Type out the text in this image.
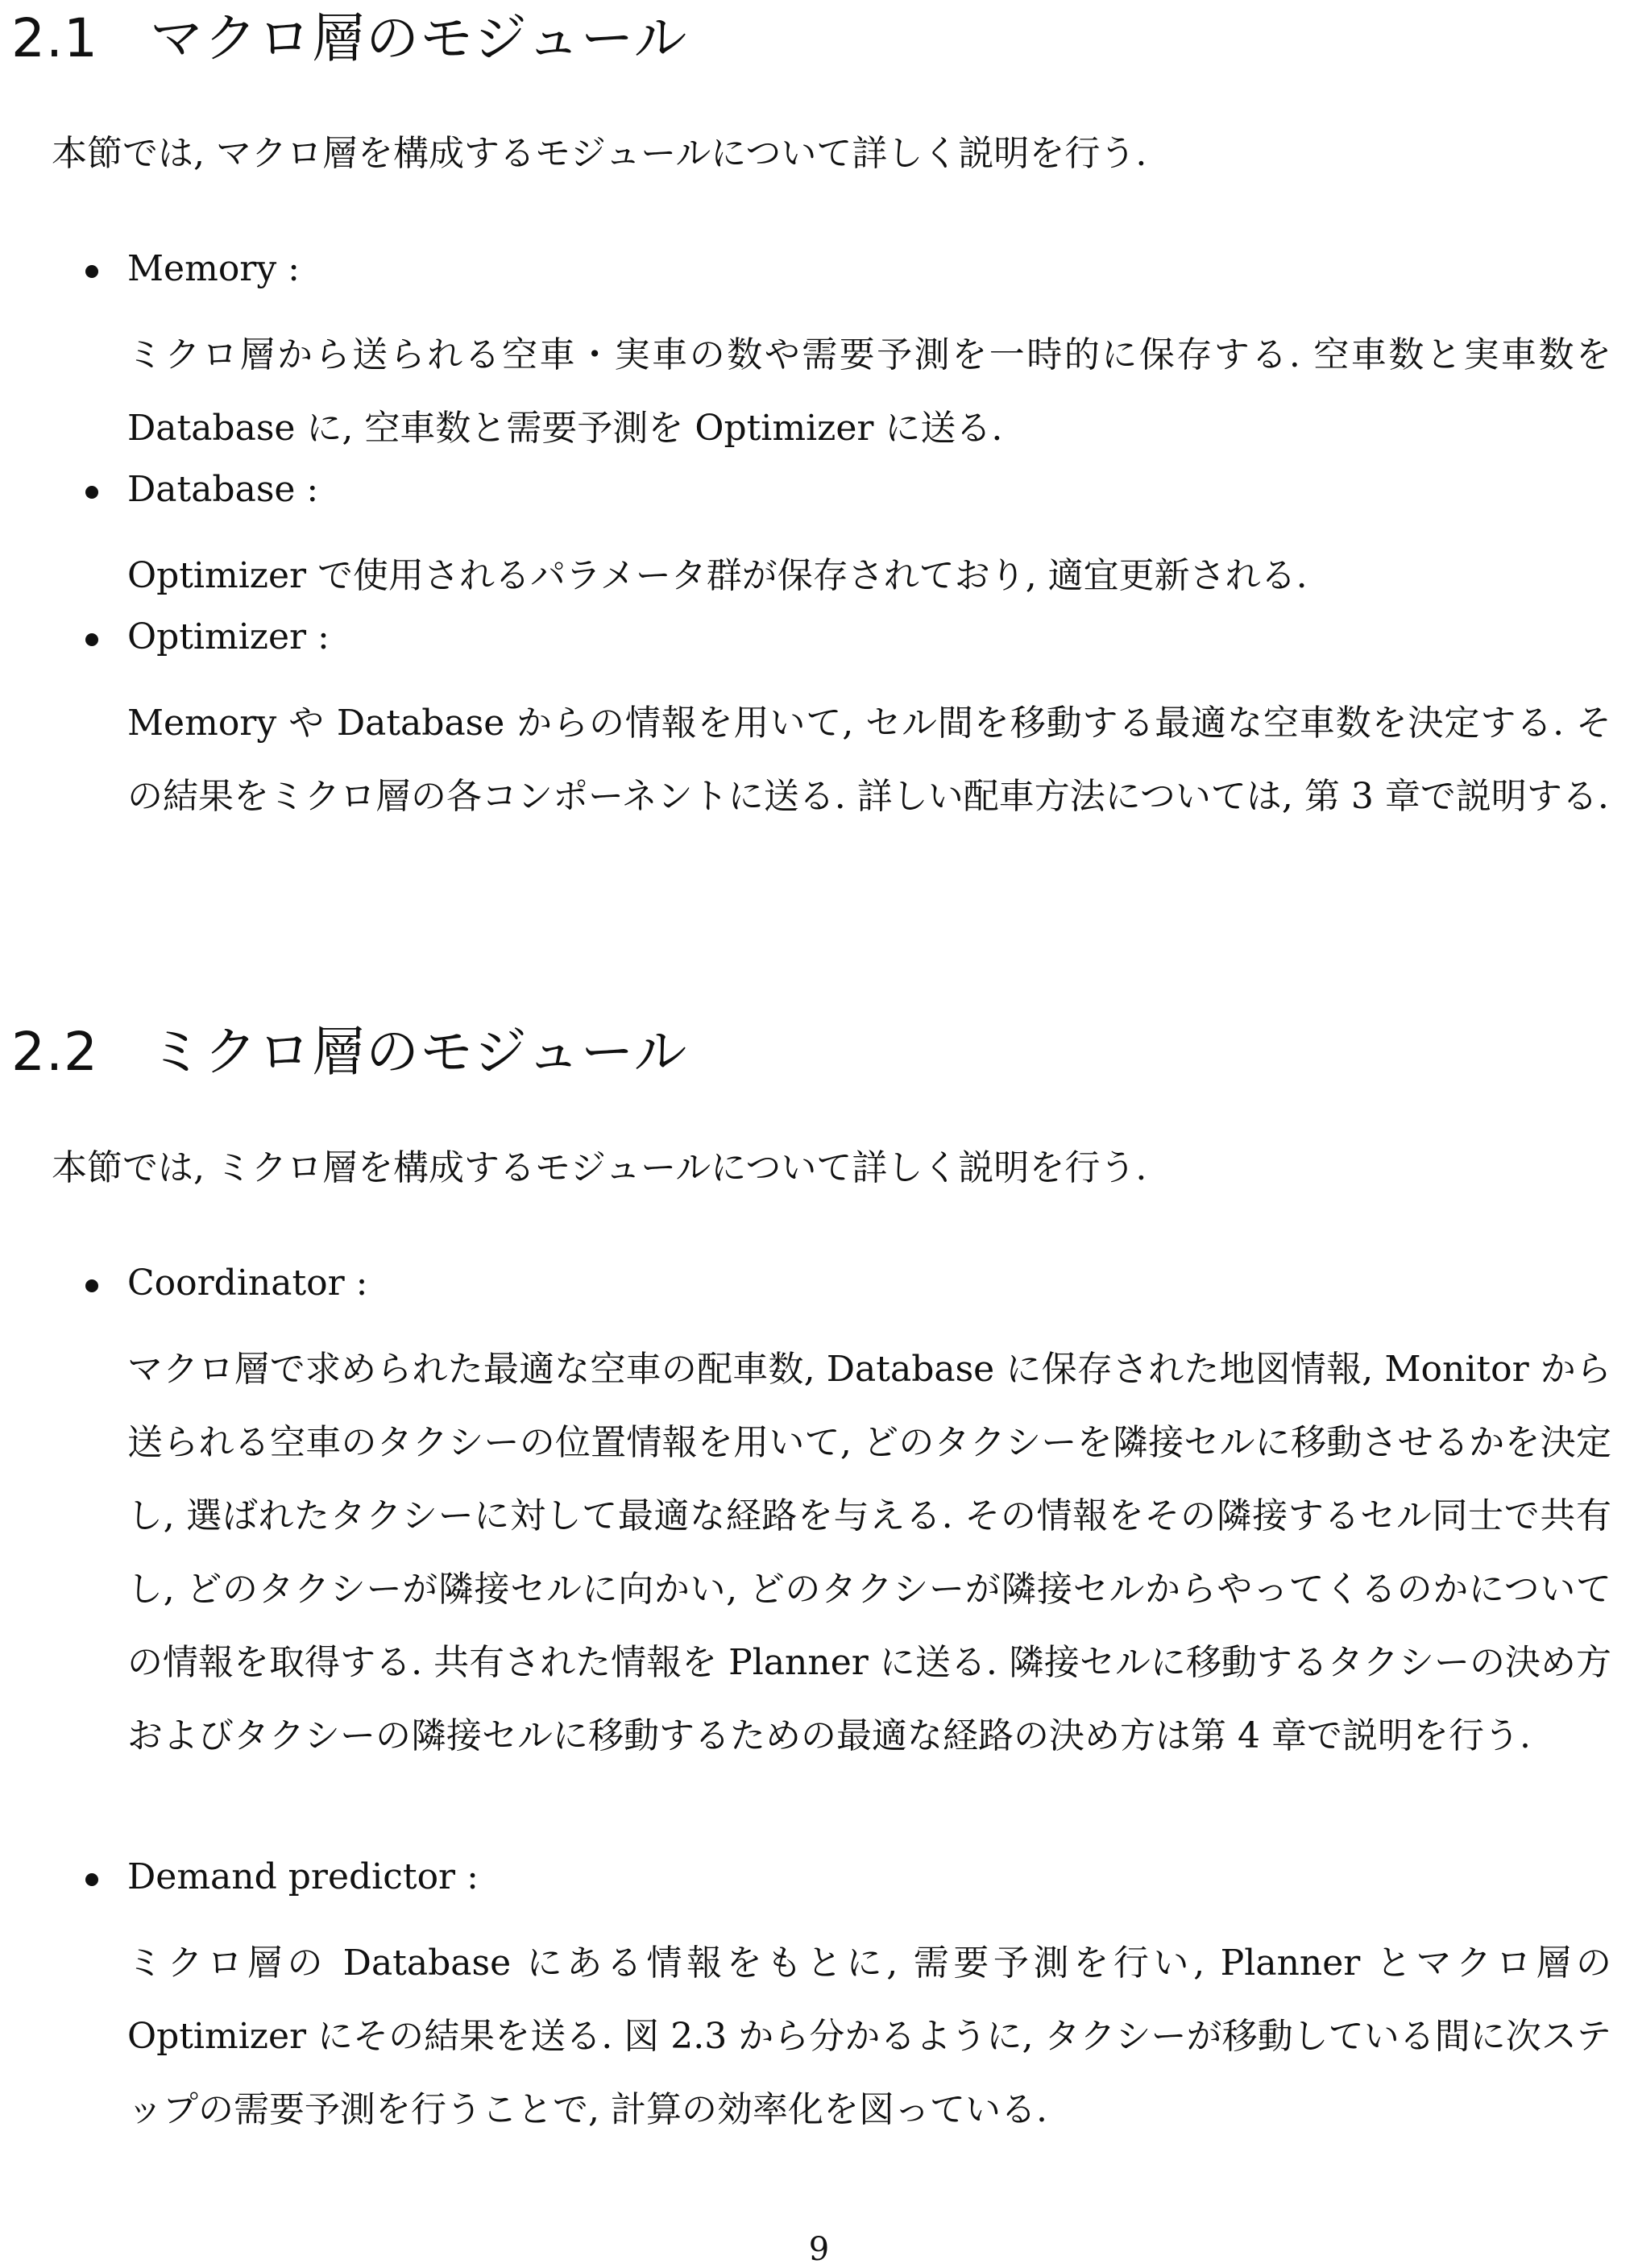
2.1 マクロ層のモジュール

本節では, マクロ層を構成するモジュールについて詳しく説明を行う.

Memory :

ミクロ層から送られる空車・実車の数や需要予測を一時的に保存する. 空車数と実車数を Database に, 空車数と需要予測を Optimizer に送る.

Database :

Optimizer で使用されるパラメータ群が保存されており, 適宜更新される.

Optimizer :

Memory や Database からの情報を用いて, セル間を移動する最適な空車数を決定する. その結果をミクロ層の各コンポーネントに送る. 詳しい配車方法については, 第 3 章で説明する.

2.2 ミクロ層のモジュール

本節では, ミクロ層を構成するモジュールについて詳しく説明を行う.

Coordinator :

マクロ層で求められた最適な空車の配車数, Database に保存された地図情報, Monitor から送られる空車のタクシーの位置情報を用いて, どのタクシーを隣接セルに移動させるかを決定し, 選ばれたタクシーに対して最適な経路を与える. その情報をその隣接するセル同士で共有し, どのタクシーが隣接セルに向かい, どのタクシーが隣接セルからやってくるのかについての情報を取得する. 共有された情報を Planner に送る. 隣接セルに移動するタクシーの決め方およびタクシーの隣接セルに移動するための最適な経路の決め方は第 4 章で説明を行う.

Demand predictor :

ミクロ層の Database にある情報をもとに, 需要予測を行い, Planner とマクロ層の Optimizer にその結果を送る. 図 2.3 から分かるように, タクシーが移動している間に次ステップの需要予測を行うことで, 計算の効率化を図っている.

9
